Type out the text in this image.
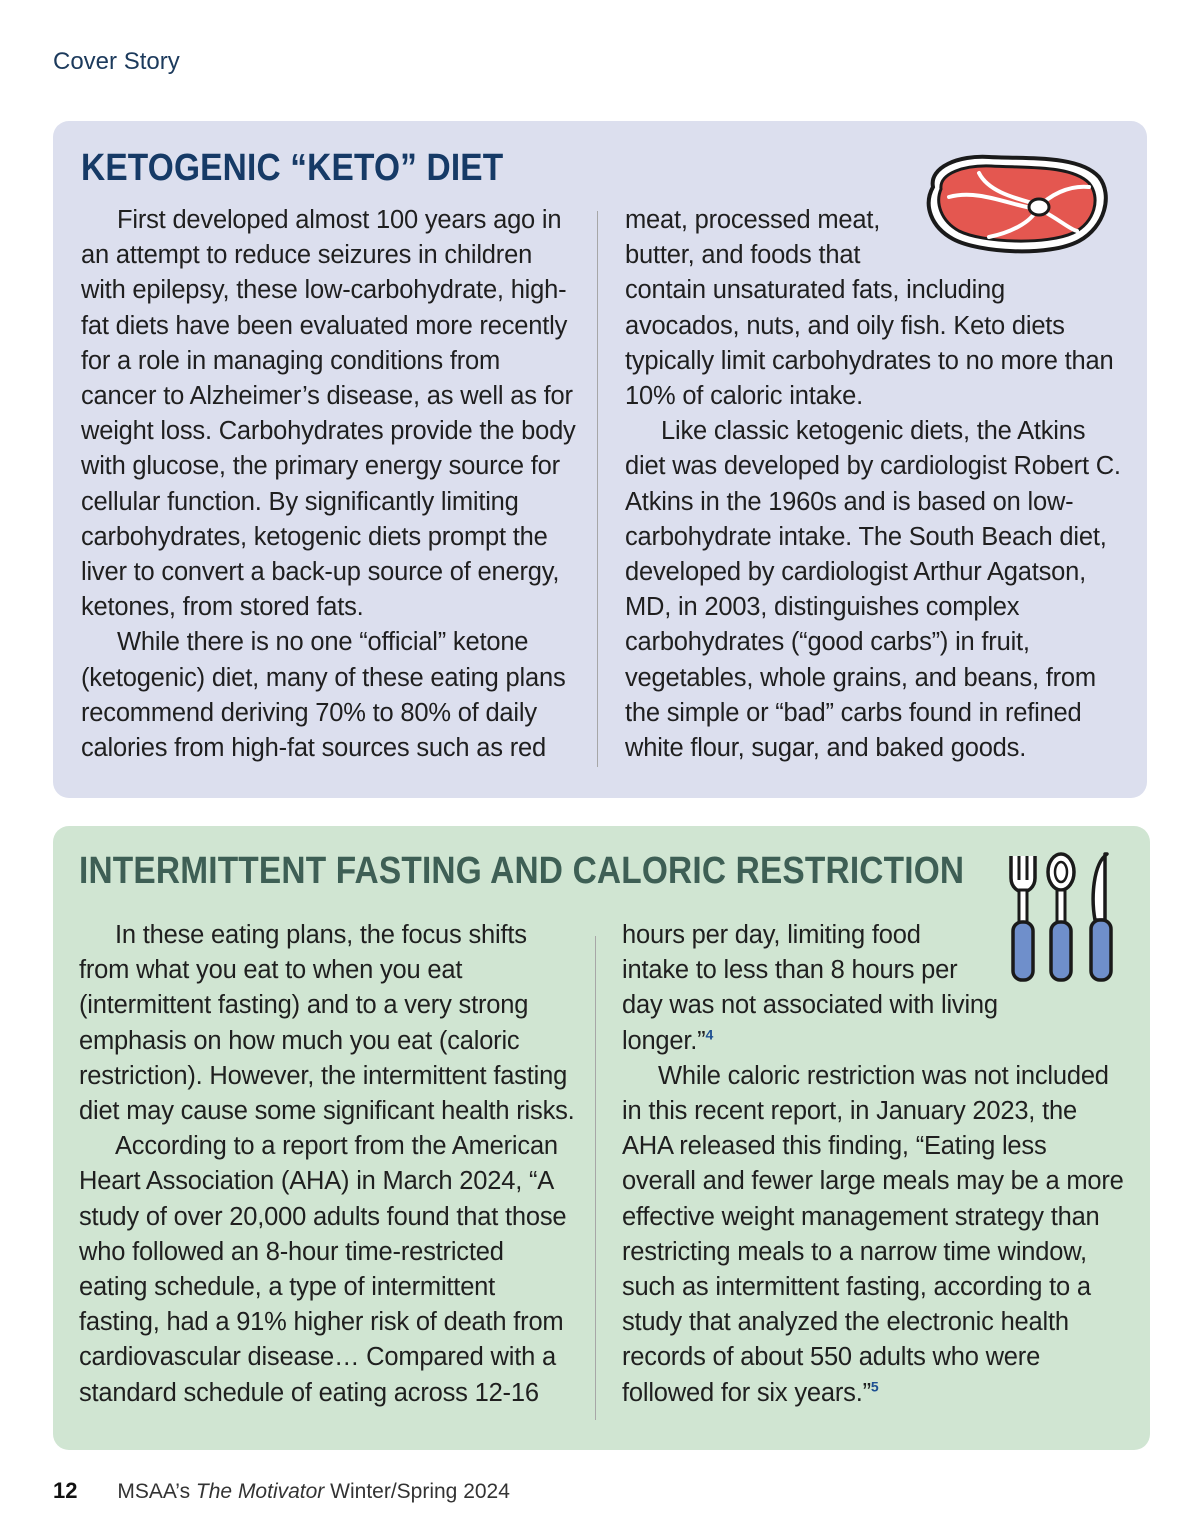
Cover Story
KETOGENIC “KETO” DIET
First developed almost 100 years ago in
an attempt to reduce seizures in children
with epilepsy, these low-carbohydrate, high-
fat diets have been evaluated more recently
for a role in managing conditions from
cancer to Alzheimer’s disease, as well as for
weight loss. Carbohydrates provide the body
with glucose, the primary energy source for
cellular function. By significantly limiting
carbohydrates, ketogenic diets prompt the
liver to convert a back-up source of energy,
ketones, from stored fats.
While there is no one “official” ketone
(ketogenic) diet, many of these eating plans
recommend deriving 70% to 80% of daily
calories from high-fat sources such as red
meat, processed meat,
butter, and foods that
contain unsaturated fats, including
avocados, nuts, and oily fish. Keto diets
typically limit carbohydrates to no more than
10% of caloric intake.
Like classic ketogenic diets, the Atkins
diet was developed by cardiologist Robert C.
Atkins in the 1960s and is based on low-
carbohydrate intake. The South Beach diet,
developed by cardiologist Arthur Agatson,
MD, in 2003, distinguishes complex
carbohydrates (“good carbs”) in fruit,
vegetables, whole grains, and beans, from
the simple or “bad” carbs found in refined
white flour, sugar, and baked goods.
INTERMITTENT FASTING AND CALORIC RESTRICTION
In these eating plans, the focus shifts
from what you eat to when you eat
(intermittent fasting) and to a very strong
emphasis on how much you eat (caloric
restriction). However, the intermittent fasting
diet may cause some significant health risks.
According to a report from the American
Heart Association (AHA) in March 2024, “A
study of over 20,000 adults found that those
who followed an 8-hour time-restricted
eating schedule, a type of intermittent
fasting, had a 91% higher risk of death from
cardiovascular disease… Compared with a
standard schedule of eating across 12-16
hours per day, limiting food
intake to less than 8 hours per
day was not associated with living
longer.”$^4$
While caloric restriction was not included
in this recent report, in January 2023, the
AHA released this finding, “Eating less
overall and fewer large meals may be a more
effective weight management strategy than
restricting meals to a narrow time window,
such as intermittent fasting, according to a
study that analyzed the electronic health
records of about 550 adults who were
followed for six years.”$^5$
12 MSAA’s The Motivator Winter/Spring 2024
